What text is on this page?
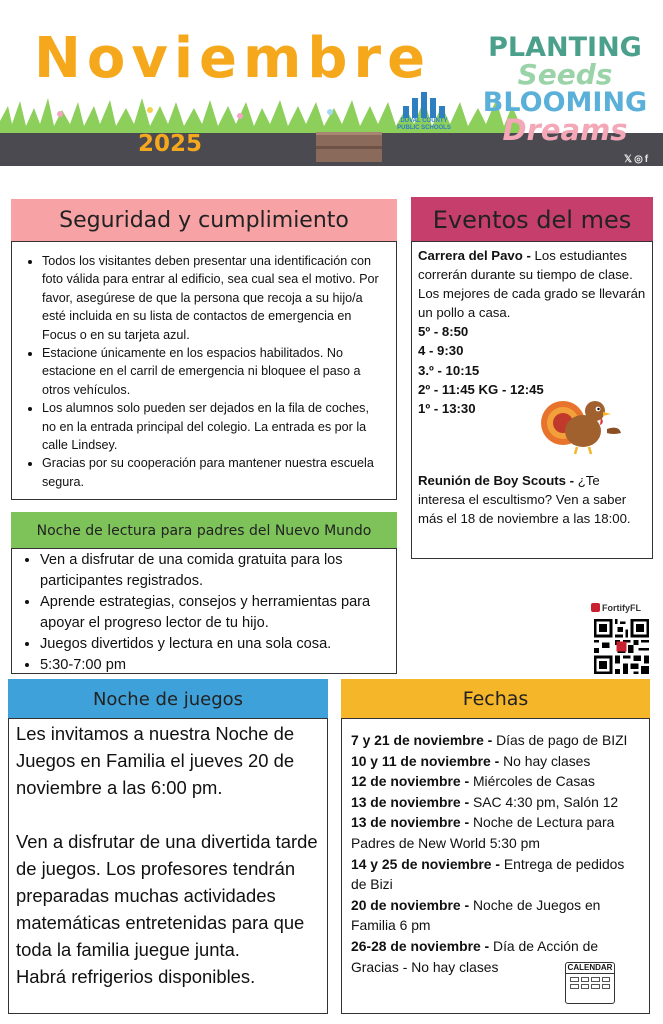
Noviembre
2025
DUVAL COUNTY PUBLIC SCHOOLS
PLANTING
Seeds
BLOOMING
Dreams
𝕏◎f
Seguridad y cumplimiento
• Todos los visitantes deben presentar una identificación con foto válida para entrar al edificio, sea cual sea el motivo. Por favor, asegúrese de que la persona que recoja a su hijo/a esté incluida en su lista de contactos de emergencia en Focus o en su tarjeta azul.
• Estacione únicamente en los espacios habilitados. No estacione en el carril de emergencia ni bloquee el paso a otros vehículos.
• Los alumnos solo pueden ser dejados en la fila de coches, no en la entrada principal del colegio. La entrada es por la calle Lindsey.
• Gracias por su cooperación para mantener nuestra escuela segura.
Eventos del mes

Carrera del Pavo - Los estudiantes correrán durante su tiempo de clase. Los mejores de cada grado se llevarán un pollo a casa.

5º - 8:50

4 - 9:30

3.º - 10:15

2º - 11:45 KG - 12:45

1º - 13:30

Reunión de Boy Scouts - ¿Te interesa el escultismo? Ven a saber más el 18 de noviembre a las 18:00.

Noche de lectura para padres del Nuevo Mundo
• Ven a disfrutar de una comida gratuita para los participantes registrados.
• Aprende estrategias, consejos y herramientas para apoyar el progreso lector de tu hijo.
• Juegos divertidos y lectura en una sola cosa.
• 5:30-7:00 pm
FortifyFL
Noche de juegos

Les invitamos a nuestra Noche de Juegos en Familia el jueves 20 de noviembre a las 6:00 pm.

Ven a disfrutar de una divertida tarde de juegos. Los profesores tendrán preparadas muchas actividades matemáticas entretenidas para que toda la familia juegue junta.

Habrá refrigerios disponibles.

Fechas

7 y 21 de noviembre - Días de pago de BIZI

10 y 11 de noviembre - No hay clases

12 de noviembre - Miércoles de Casas

13 de noviembre - SAC 4:30 pm, Salón 12

13 de noviembre - Noche de Lectura para Padres de New World 5:30 pm

14 y 25 de noviembre - Entrega de pedidos de Bizi

20 de noviembre - Noche de Juegos en Familia 6 pm

26-28 de noviembre - Día de Acción de Gracias - No hay clases	CALENDAR
